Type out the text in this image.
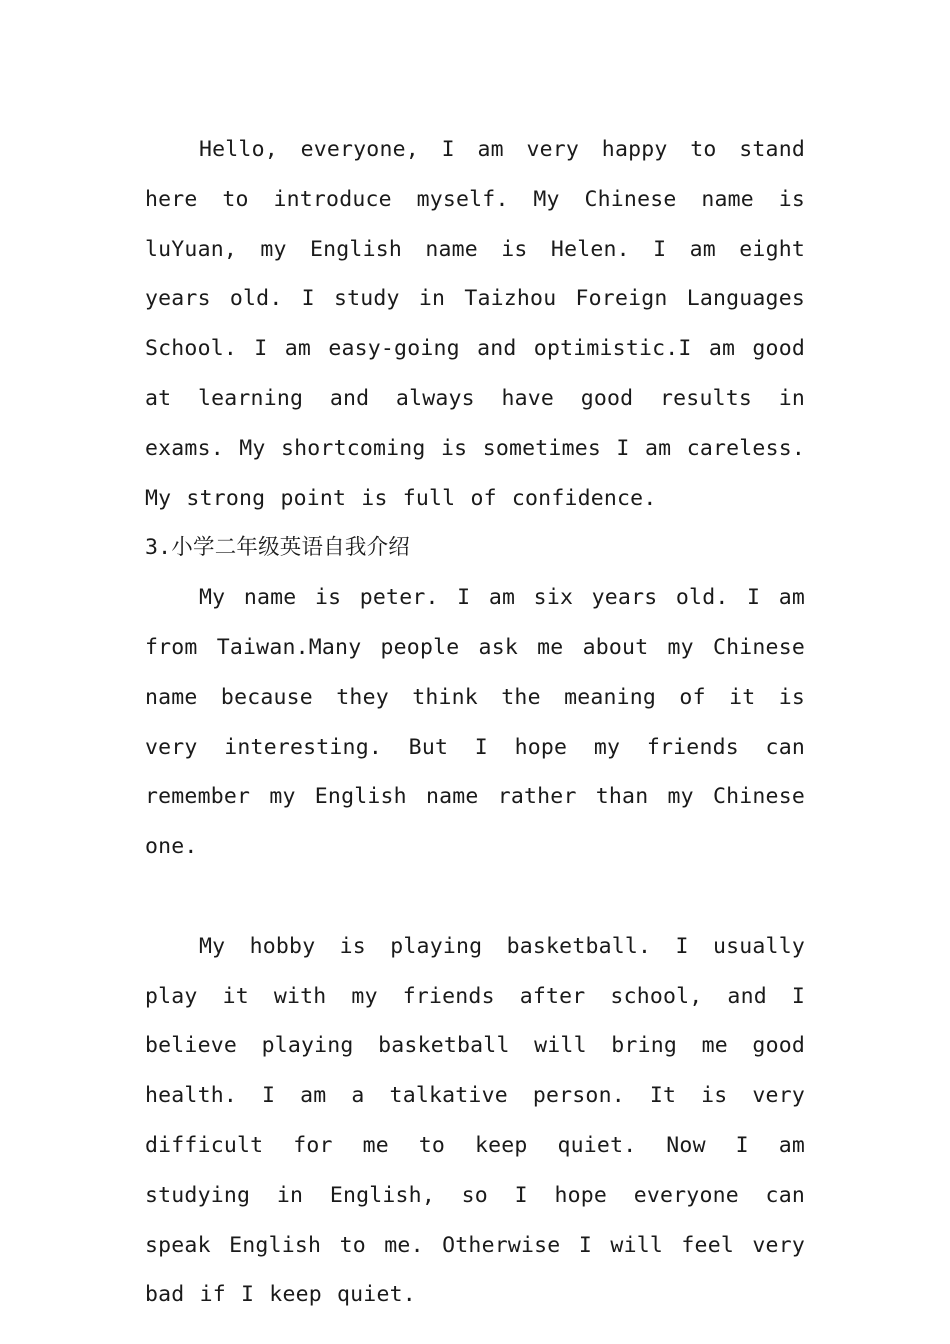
Hello, everyone, I am very happy to stand here to introduce myself. My Chinese name is luYuan, my English name is Helen. I am eight years old. I study in Taizhou Foreign Languages School. I am easy-going and optimistic.I am good at learning and always have good results in exams. My shortcoming is sometimes I am careless. My strong point is full of confidence.

3.小学二年级英语自我介绍

My name is peter. I am six years old. I am from Taiwan.Many people ask me about my Chinese name because they think the meaning of it is very interesting. But I hope my friends can remember my English name rather than my Chinese one.

My hobby is playing basketball. I usually play it with my friends after school, and I believe playing basketball will bring me good health. I am a talkative person. It is very difficult for me to keep quiet. Now I am studying in English, so I hope everyone can speak English to me. Otherwise I will feel very bad if I keep quiet.
